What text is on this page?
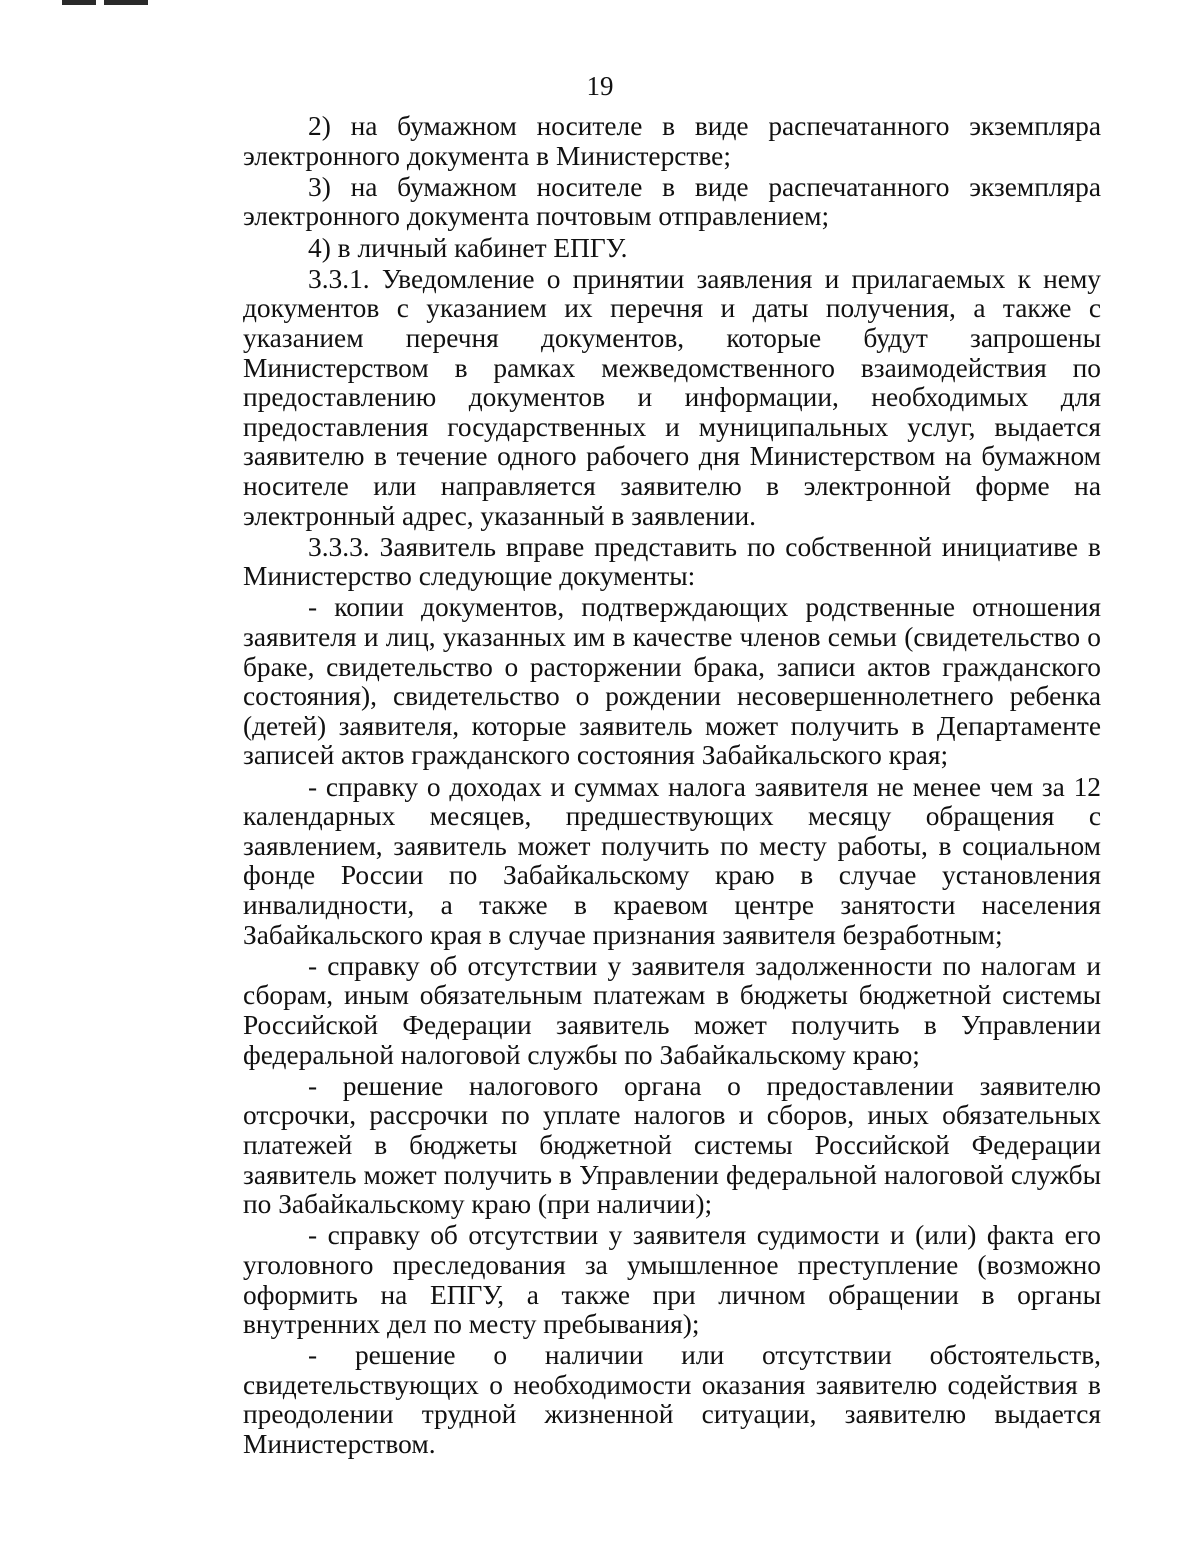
19

2) на бумажном носителе в виде распечатанного экземпляра электронного документа в Министерстве;

3) на бумажном носителе в виде распечатанного экземпляра электронного документа почтовым отправлением;

4) в личный кабинет ЕПГУ.

3.3.1. Уведомление о принятии заявления и прилагаемых к нему документов с указанием их перечня и даты получения, а также с указанием перечня документов, которые будут запрошены Министерством в рамках межведомственного взаимодействия по предоставлению документов и информации, необходимых для предоставления государственных и муниципальных услуг, выдается заявителю в течение одного рабочего дня Министерством на бумажном носителе или направляется заявителю в электронной форме на электронный адрес, указанный в заявлении.

3.3.3. Заявитель вправе представить по собственной инициативе в Министерство следующие документы:

- копии документов, подтверждающих родственные отношения заявителя и лиц, указанных им в качестве членов семьи (свидетельство о браке, свидетельство о расторжении брака, записи актов гражданского состояния), свидетельство о рождении несовершеннолетнего ребенка (детей) заявителя, которые заявитель может получить в Департаменте записей актов гражданского состояния Забайкальского края;

- справку о доходах и суммах налога заявителя не менее чем за 12 календарных месяцев, предшествующих месяцу обращения с заявлением, заявитель может получить по месту работы, в социальном фонде России по Забайкальскому краю в случае установления инвалидности, а также в краевом центре занятости населения Забайкальского края в случае признания заявителя безработным;

- справку об отсутствии у заявителя задолженности по налогам и сборам, иным обязательным платежам в бюджеты бюджетной системы Российской Федерации заявитель может получить в Управлении федеральной налоговой службы по Забайкальскому краю;

- решение налогового органа о предоставлении заявителю отсрочки, рассрочки по уплате налогов и сборов, иных обязательных платежей в бюджеты бюджетной системы Российской Федерации заявитель может получить в Управлении федеральной налоговой службы по Забайкальскому краю (при наличии);

- справку об отсутствии у заявителя судимости и (или) факта его уголовного преследования за умышленное преступление (возможно оформить на ЕПГУ, а также при личном обращении в органы внутренних дел по месту пребывания);

- решение о наличии или отсутствии обстоятельств, свидетельствующих о необходимости оказания заявителю содействия в преодолении трудной жизненной ситуации, заявителю выдается Министерством.
